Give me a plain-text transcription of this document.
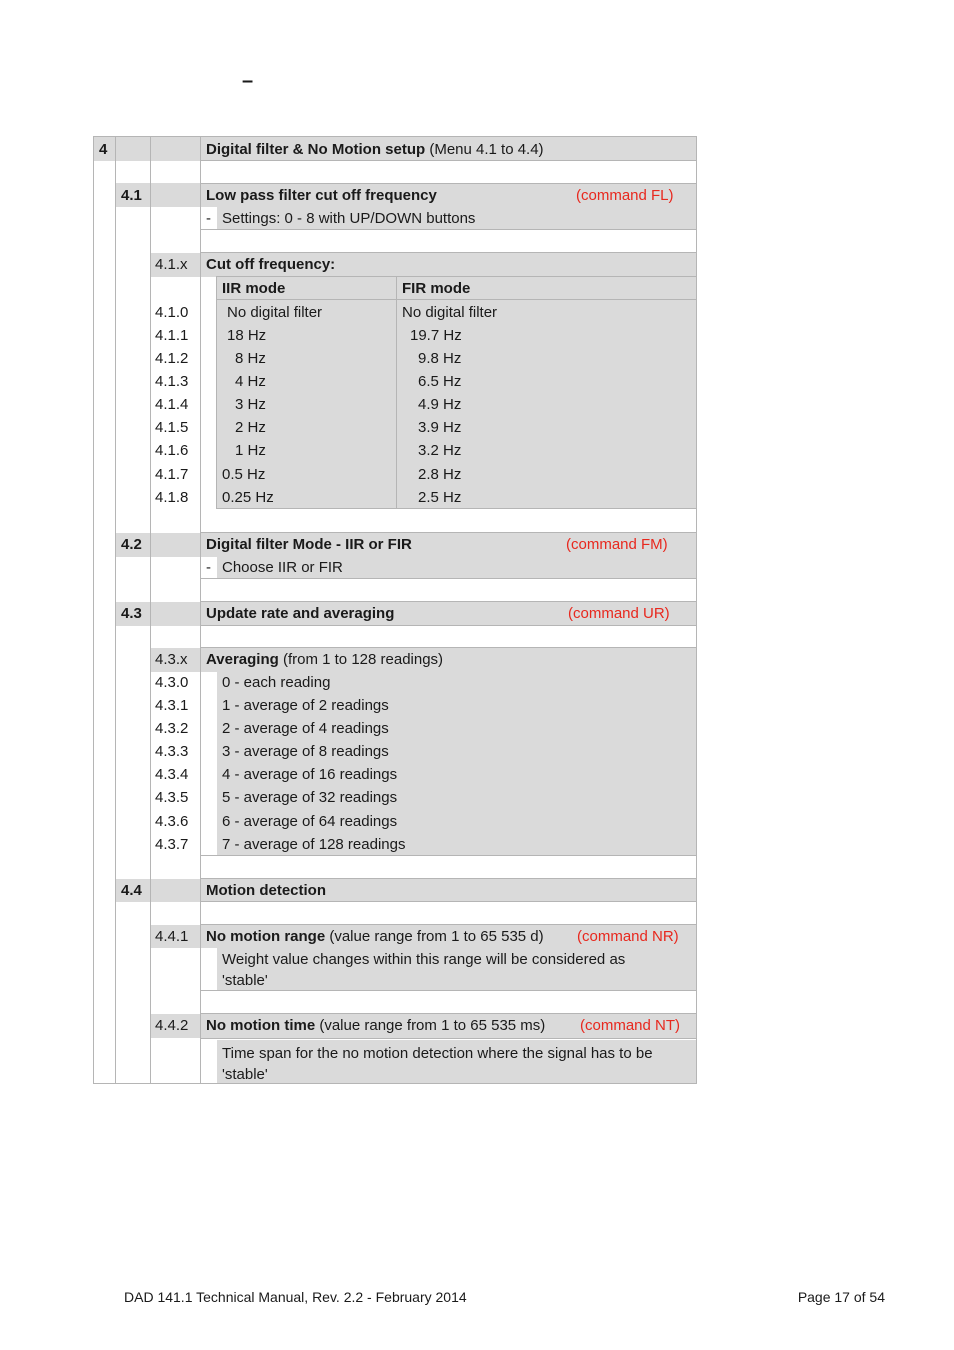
–
4	Digital filter & No Motion setup (Menu 4.1 to 4.4)
4.1	Low pass filter cut off frequency	(command FL)
- Settings: 0 - 8 with UP/DOWN buttons
4.1.x Cut off frequency:
IIR mode	FIR mode
4.1.0	No digital filter	No digital filter
4.1.1	18 Hz	19.7 Hz
4.1.2	8 Hz	9.8 Hz
4.1.3	4 Hz	6.5 Hz
4.1.4	3 Hz	4.9 Hz
4.1.5	2 Hz	3.9 Hz
4.1.6	1 Hz	3.2 Hz
4.1.7 0.5 Hz	2.8 Hz
4.1.8 0.25 Hz	2.5 Hz
4.2	Digital filter Mode - IIR or FIR	(command FM)
- Choose IIR or FIR
4.3	Update rate and averaging	(command UR)
4.3.x Averaging (from 1 to 128 readings)
4.3.0 0 - each reading
4.3.1 1 - average of 2 readings
4.3.2 2 - average of 4 readings
4.3.3 3 - average of 8 readings
4.3.4 4 - average of 16 readings
4.3.5 5 - average of 32 readings
4.3.6 6 - average of 64 readings
4.3.7 7 - average of 128 readings
4.4	Motion detection
4.4.1 No motion range (value range from 1 to 65 535 d) (command NR)
Weight value changes within this range will be considered as 'stable'
4.4.2 No motion time (value range from 1 to 65 535 ms) (command NT)
Time span for the no motion detection where the signal has to be 'stable'
DAD 141.1 Technical Manual, Rev. 2.2 - February 2014	Page 17 of 54
